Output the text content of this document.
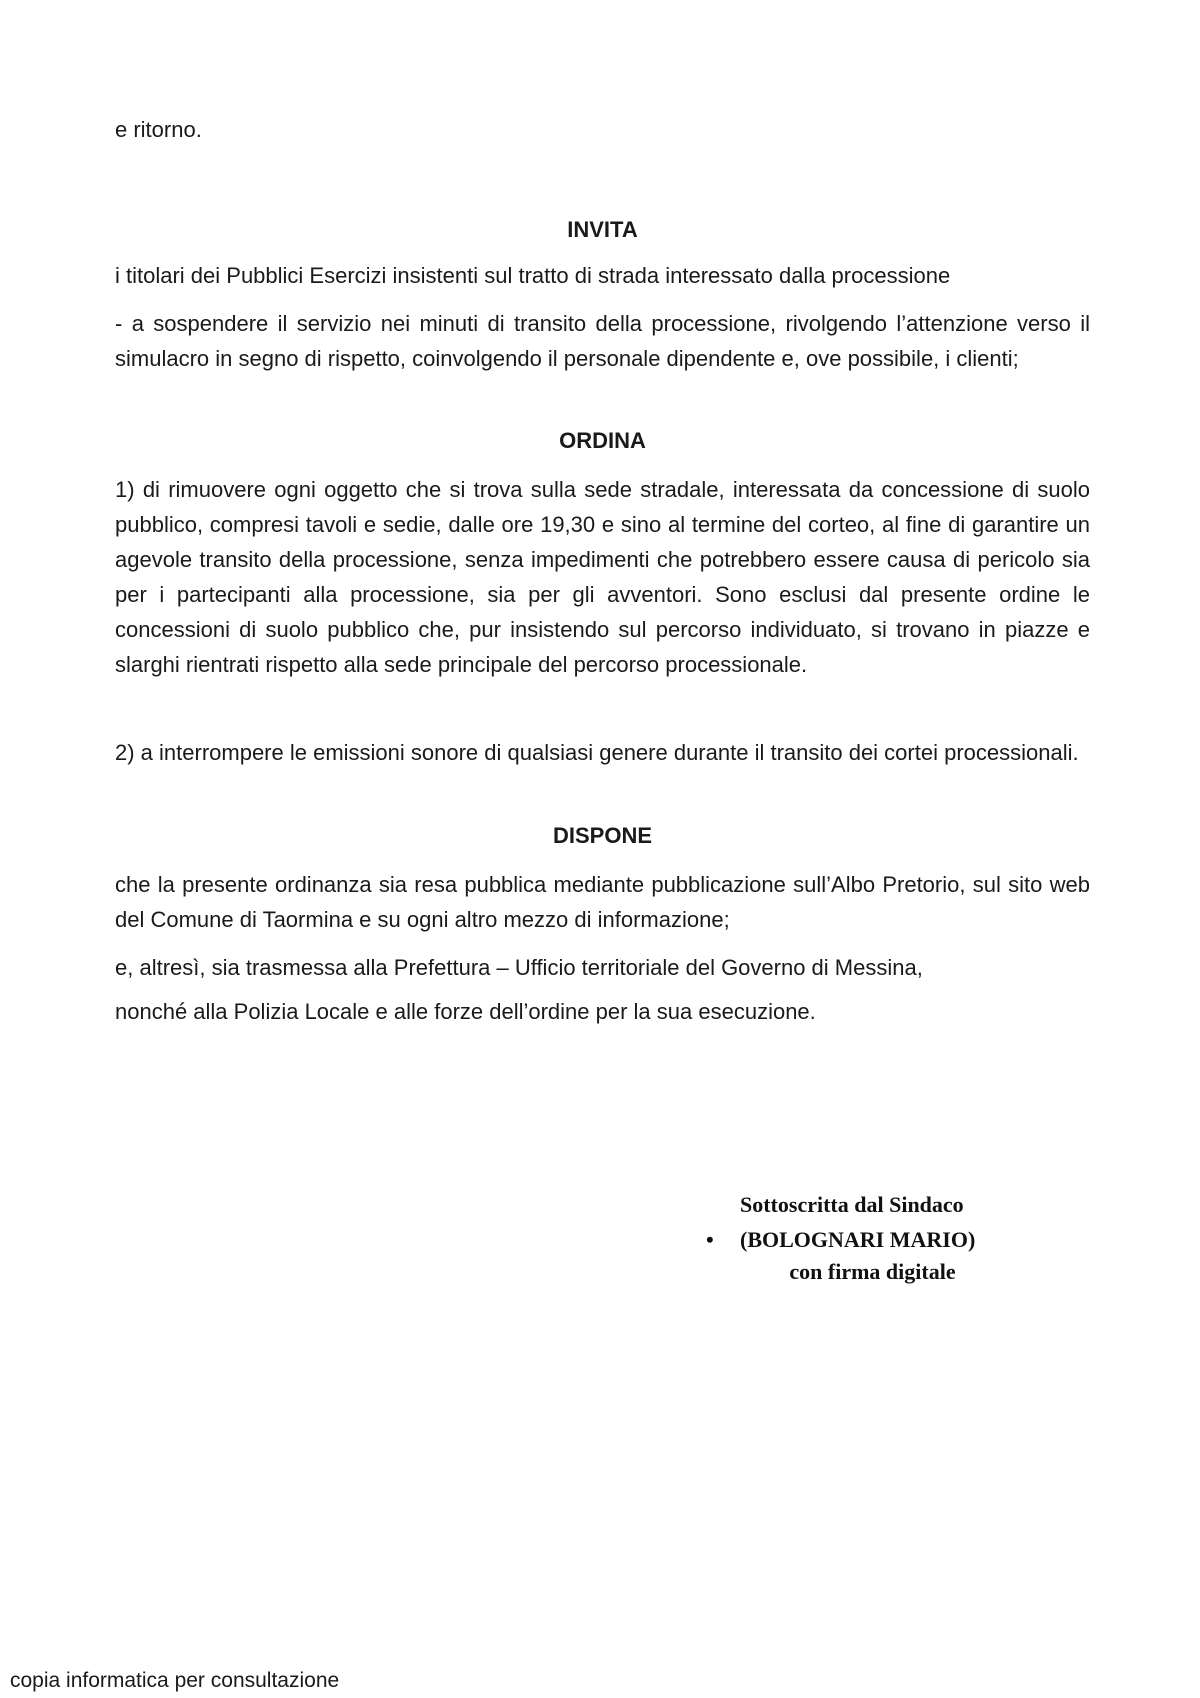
e ritorno.

INVITA

i titolari dei Pubblici Esercizi insistenti sul tratto di strada interessato dalla processione

- a sospendere il servizio nei minuti di transito della processione, rivolgendo l’attenzione verso il simulacro in segno di rispetto, coinvolgendo il personale dipendente e, ove possibile, i clienti;

ORDINA

1) di rimuovere ogni oggetto che si trova sulla sede stradale, interessata da concessione di suolo pubblico, compresi tavoli e sedie, dalle ore 19,30 e sino al termine del corteo, al fine di garantire un agevole transito della processione, senza impedimenti che potrebbero essere causa di pericolo sia per i partecipanti alla processione, sia per gli avventori. Sono esclusi dal presente ordine le concessioni di suolo pubblico che, pur insistendo sul percorso individuato, si trovano in piazze e slarghi rientrati rispetto alla sede principale del percorso processionale.

2) a interrompere le emissioni sonore di qualsiasi genere durante il transito dei cortei processionali.

DISPONE

che la presente ordinanza sia resa pubblica mediante pubblicazione sull’Albo Pretorio, sul sito web del Comune di Taormina e su ogni altro mezzo di informazione;

e, altresì, sia trasmessa alla Prefettura – Ufficio territoriale del Governo di Messina,

nonché alla Polizia Locale e alle forze dell’ordine per la sua esecuzione.

Sottoscritta dal Sindaco
• (BOLOGNARI MARIO)
con firma digitale
copia informatica per consultazione
